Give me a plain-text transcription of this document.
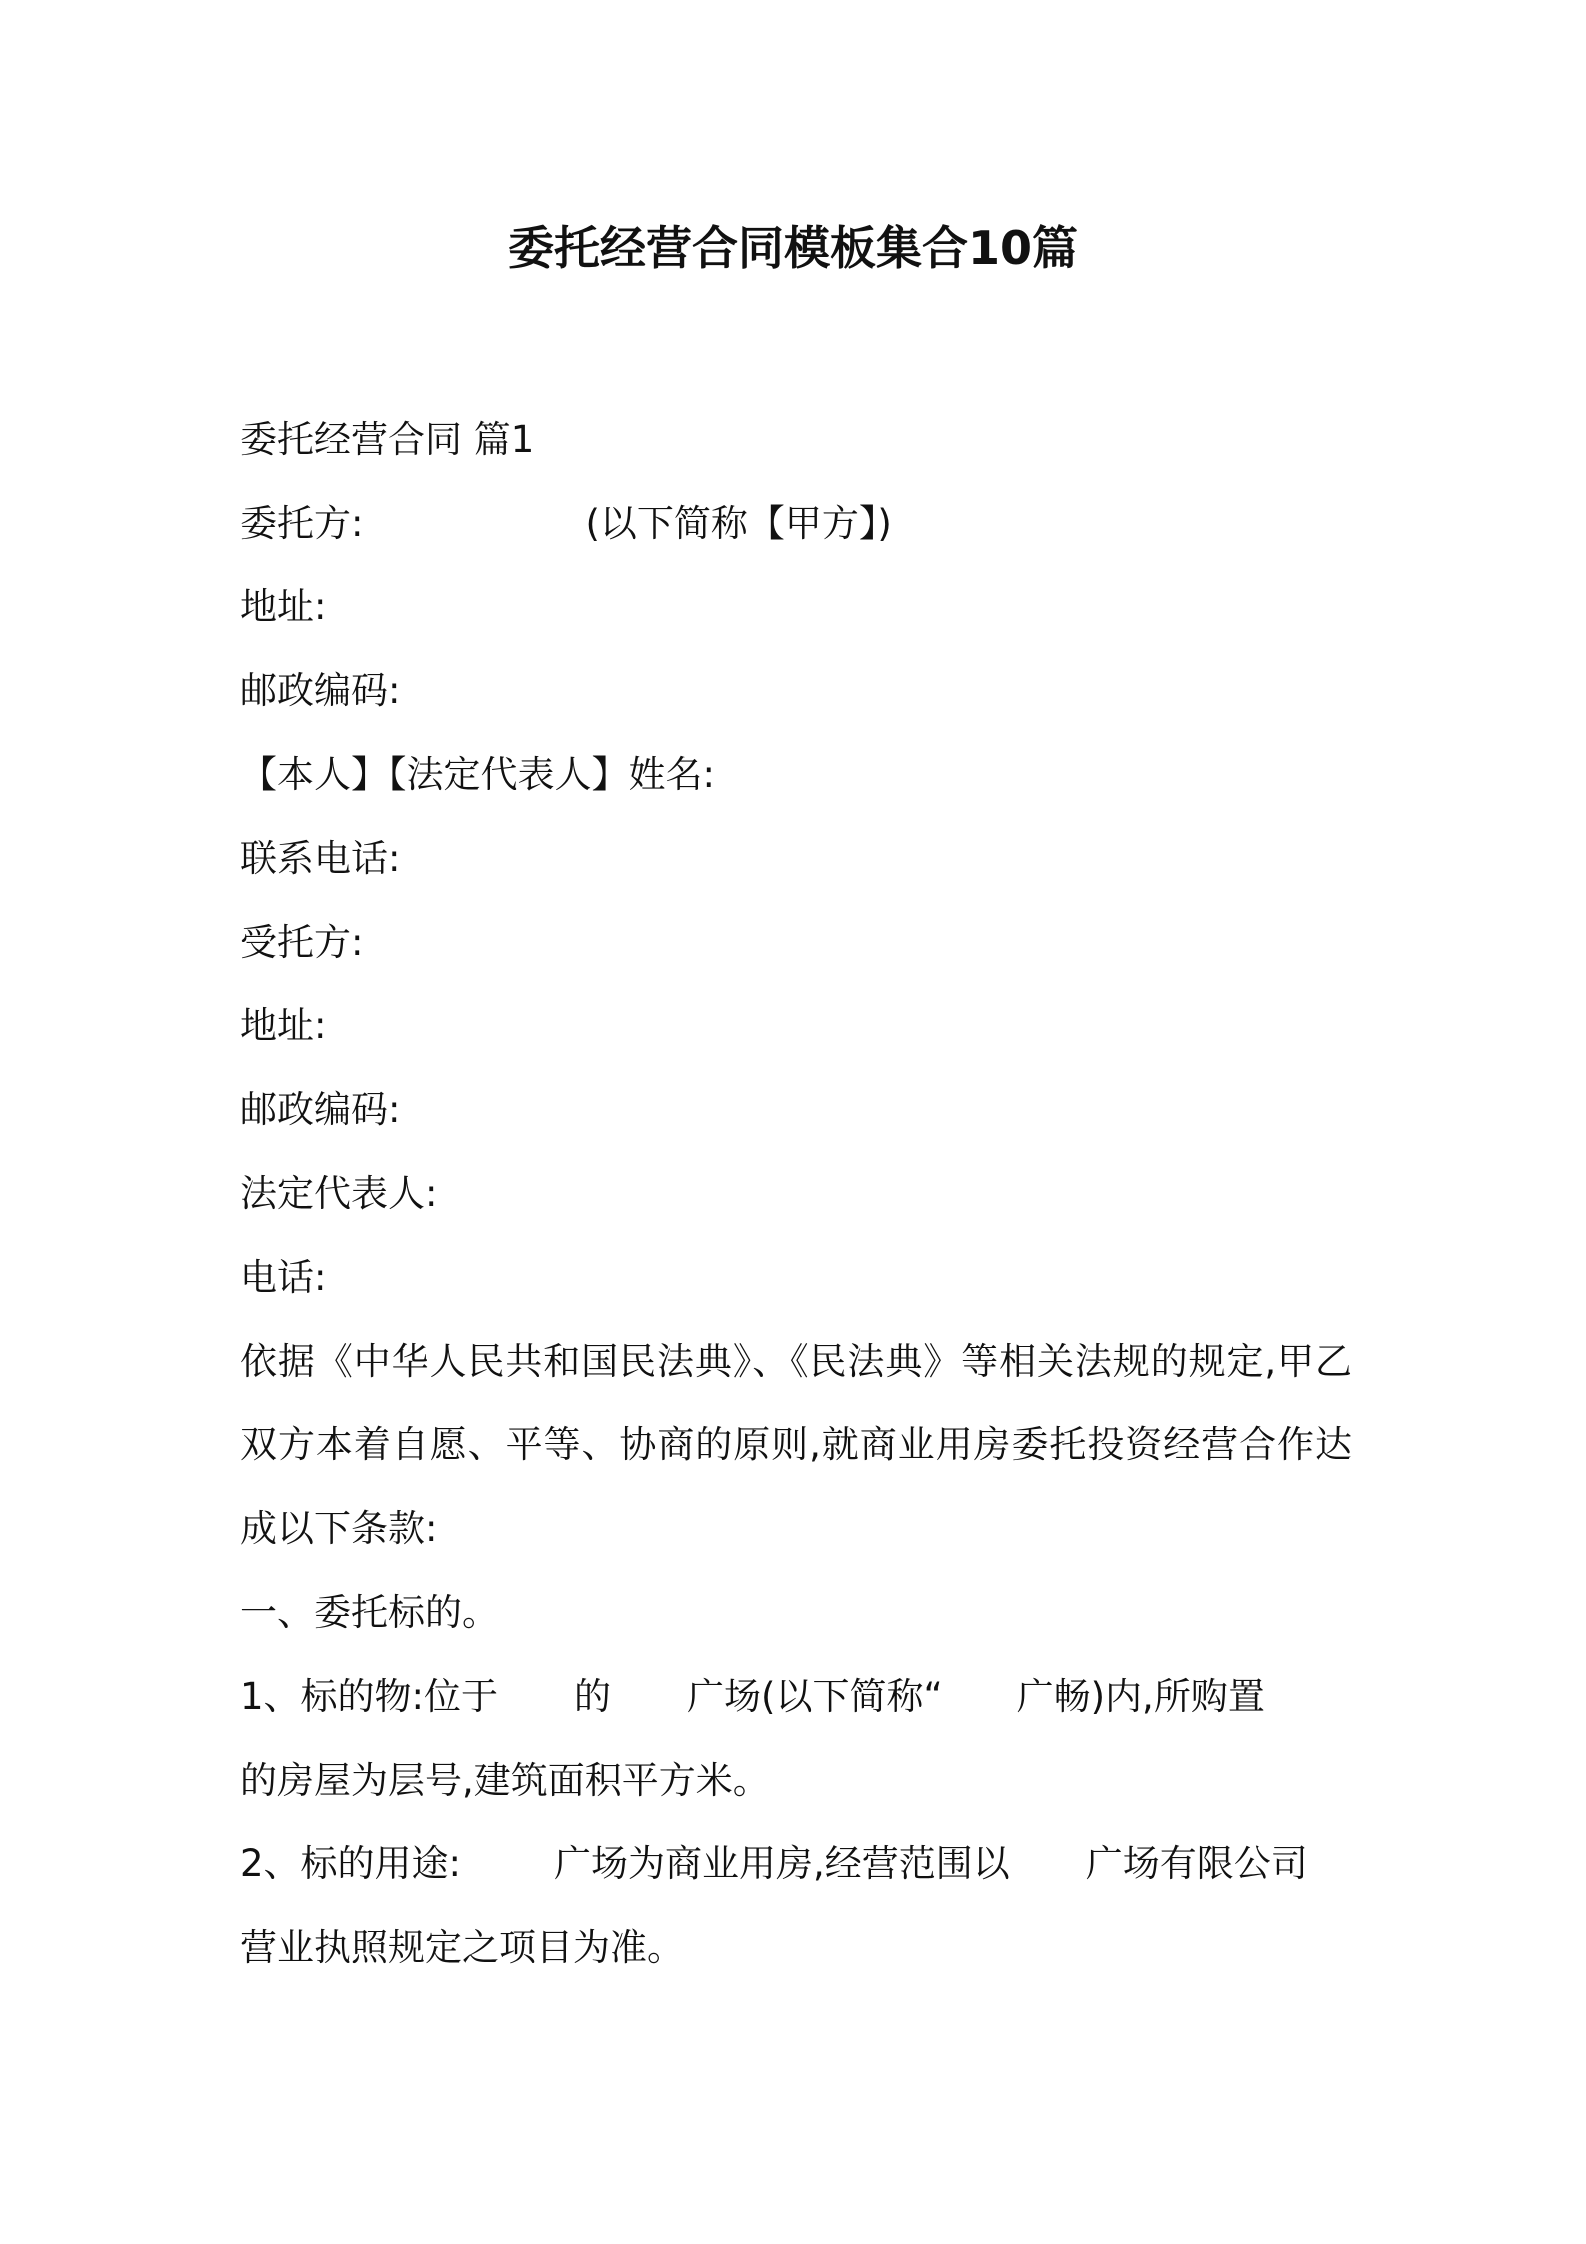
委托经营合同模板集合10篇
委托经营合同 篇1
委托方:	(以下简称【甲方】)
地址:
邮政编码:
【本人】【法定代表人】姓名:
联系电话:
受托方:
地址:
邮政编码:
法定代表人:
电话:
依据《中华人民共和国民法典》、《民法典》等相关法规的规定,甲乙
双方本着自愿、平等、协商的原则,就商业用房委托投资经营合作达
成以下条款:
一、委托标的。
1、标的物:位于 的 广场(以下简称“ 广畅)内,所购置
的房屋为层号,建筑面积平方米。
2、标的用途:	广场为商业用房,经营范围以 广场有限公司
营业执照规定之项目为准。
